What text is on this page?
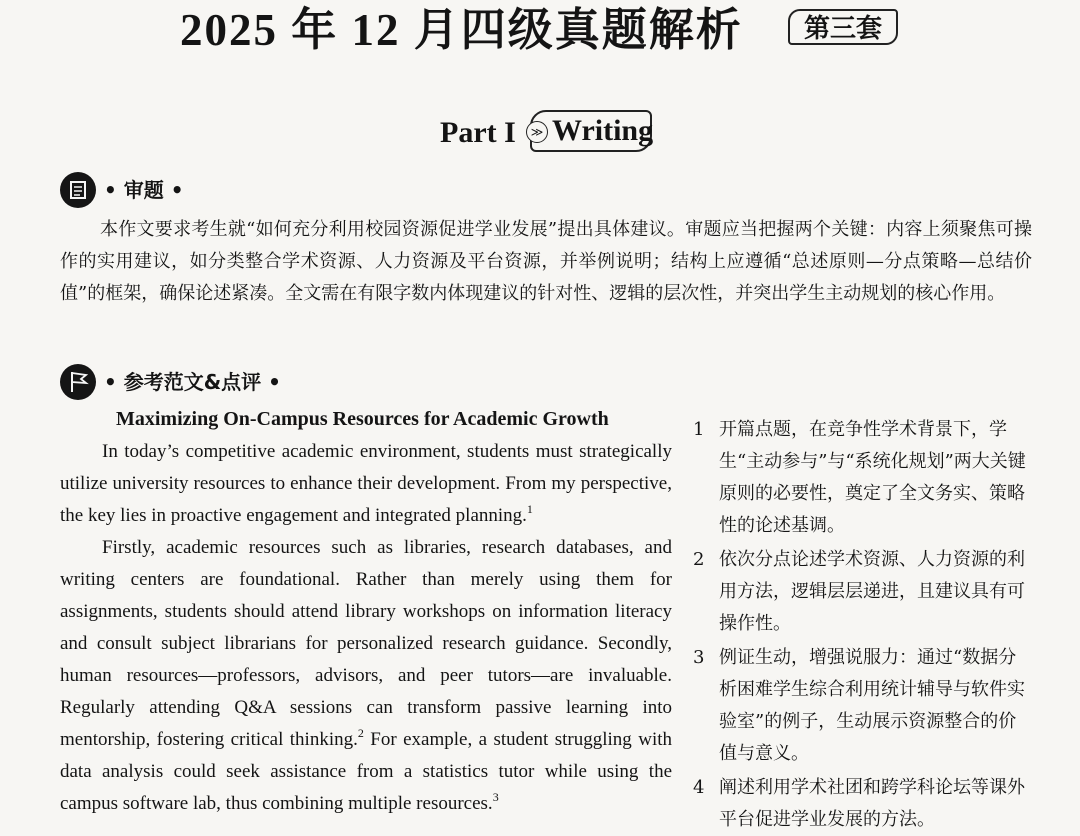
2025 年 12 月四级真题解析	第三套
Part I	≫ Writing
• 审题 •

本作文要求考生就“如何充分利用校园资源促进学业发展”提出具体建议。审题应当把握两个关键：内容上须聚焦可操作的实用建议，如分类整合学术资源、人力资源及平台资源，并举例说明；结构上应遵循“总述原则—分点策略—总结价值”的框架，确保论述紧凑。全文需在有限字数内体现建议的针对性、逻辑的层次性，并突出学生主动规划的核心作用。

• 参考范文&点评 •
Maximizing On-Campus Resources for Academic Growth

In today’s competitive academic environment, students must strategically utilize university resources to enhance their development. From my perspective, the key lies in proactive engagement and integrated planning.$^1$

Firstly, academic resources such as libraries, research databases, and writing centers are foundational. Rather than merely using them for assignments, students should attend library workshops on information literacy and consult subject librarians for personalized research guidance. Secondly, human resources—professors, advisors, and peer tutors—are invaluable. Regularly attending Q&A sessions can transform passive learning into mentorship, fostering critical thinking.$^2$ For example, a student struggling with data analysis could seek assistance from a statistics tutor while using the campus software lab, thus combining multiple resources.$^3$

1 开篇点题，在竞争性学术背景下，学生“主动参与”与“系统化规划”两大关键原则的必要性，奠定了全文务实、策略性的论述基调。
2 依次分点论述学术资源、人力资源的利用方法，逻辑层层递进，且建议具有可操作性。
3 例证生动，增强说服力：通过“数据分析困难学生综合利用统计辅导与软件实验室”的例子，生动展示资源整合的价值与意义。
4 阐述利用学术社团和跨学科论坛等课外平台促进学业发展的方法。
